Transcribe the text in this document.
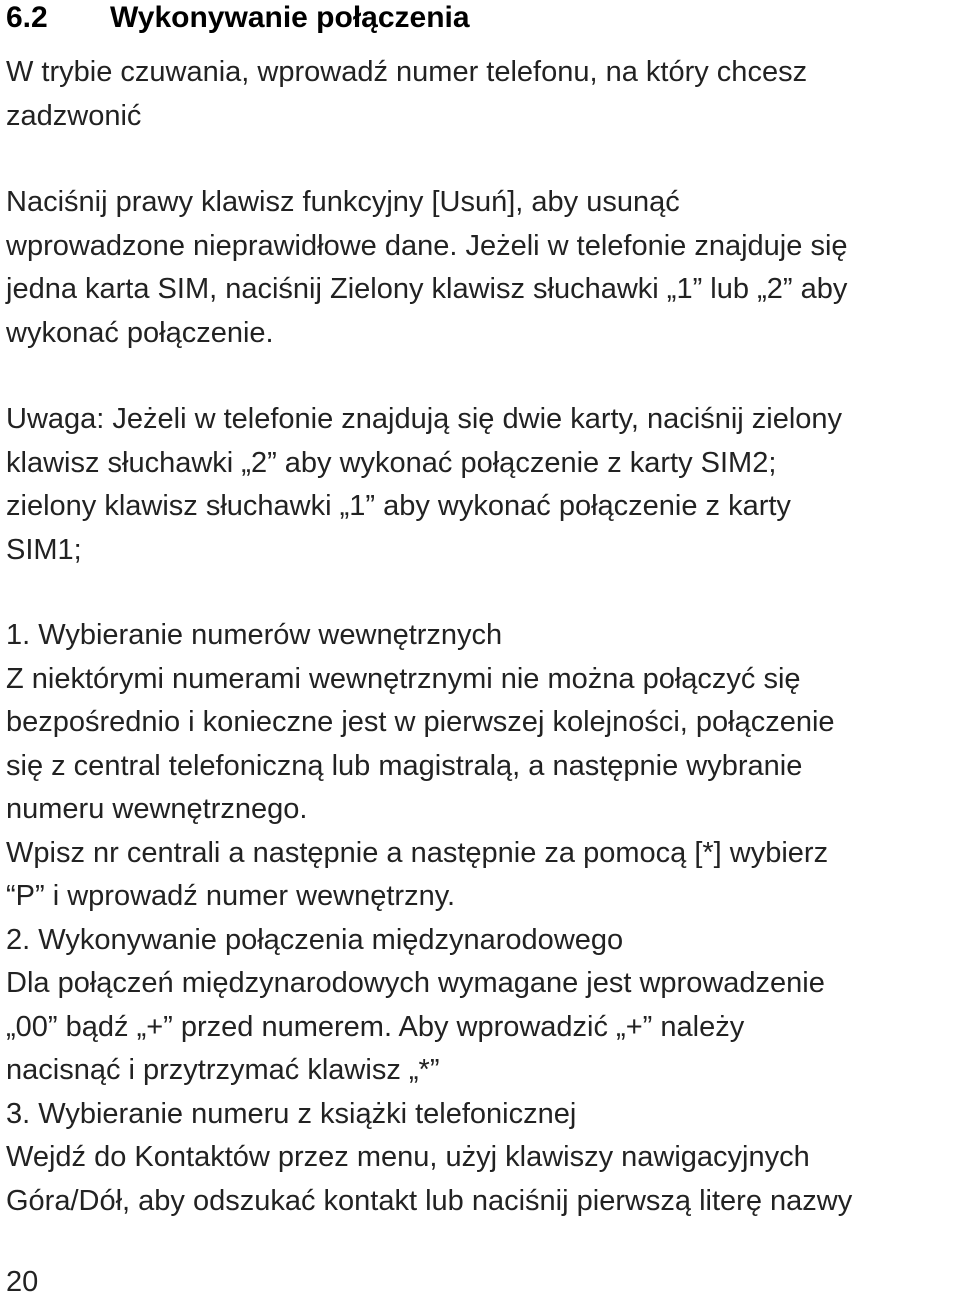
6.2 Wykonywanie połączenia
W trybie czuwania, wprowadź numer telefonu, na który chcesz
zadzwonić
Naciśnij prawy klawisz funkcyjny [Usuń], aby usunąć
wprowadzone nieprawidłowe dane. Jeżeli w telefonie znajduje się
jedna karta SIM, naciśnij Zielony klawisz słuchawki „1” lub „2” aby
wykonać połączenie.
Uwaga: Jeżeli w telefonie znajdują się dwie karty, naciśnij zielony
klawisz słuchawki „2” aby wykonać połączenie z karty SIM2;
zielony klawisz słuchawki „1” aby wykonać połączenie z karty
SIM1;
1. Wybieranie numerów wewnętrznych
Z niektórymi numerami wewnętrznymi nie można połączyć się
bezpośrednio i konieczne jest w pierwszej kolejności, połączenie
się z central telefoniczną lub magistralą, a następnie wybranie
numeru wewnętrznego.
Wpisz nr centrali a następnie a następnie za pomocą [*] wybierz
“P” i wprowadź numer wewnętrzny.
2. Wykonywanie połączenia międzynarodowego
Dla połączeń międzynarodowych wymagane jest wprowadzenie
„00” bądź „+” przed numerem. Aby wprowadzić „+” należy
nacisnąć i przytrzymać klawisz „*”
3. Wybieranie numeru z książki telefonicznej
Wejdź do Kontaktów przez menu, użyj klawiszy nawigacyjnych
Góra/Dół, aby odszukać kontakt lub naciśnij pierwszą literę nazwy
20
